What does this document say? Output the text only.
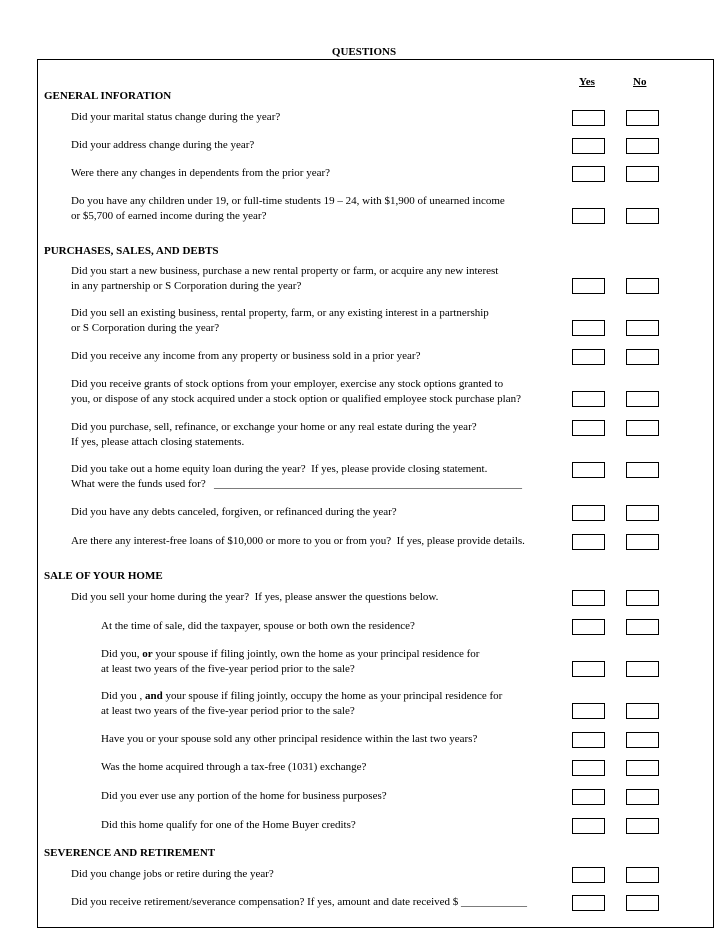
QUESTIONS
Yes	No
GENERAL INFORATION
PURCHASES, SALES, AND DEBTS
SALE OF YOUR HOME
SEVERENCE AND RETIREMENT
Did your marital status change during the year?
Did your address change during the year?
Were there any changes in dependents from the prior year?
Do you have any children under 19, or full-time students 19 – 24, with $1,900 of unearned income
or $5,700 of earned income during the year?
Did you start a new business, purchase a new rental property or farm, or acquire any new interest
in any partnership or S Corporation during the year?
Did you sell an existing business, rental property, farm, or any existing interest in a partnership
or S Corporation during the year?
Did you receive any income from any property or business sold in a prior year?
Did you receive grants of stock options from your employer, exercise any stock options granted to
you, or dispose of any stock acquired under a stock option or qualified employee stock purchase plan?
Did you purchase, sell, refinance, or exchange your home or any real estate during the year?
If yes, please attach closing statements.
Did you take out a home equity loan during the year?  If yes, please provide closing statement.
What were the funds used for?   ________________________________________________________
Did you have any debts canceled, forgiven, or refinanced during the year?
Are there any interest-free loans of $10,000 or more to you or from you?  If yes, please provide details.
Did you sell your home during the year?  If yes, please answer the questions below.
At the time of sale, did the taxpayer, spouse or both own the residence?
Did you, or your spouse if filing jointly, own the home as your principal residence for
at least two years of the five-year period prior to the sale?
Did you , and your spouse if filing jointly, occupy the home as your principal residence for
at least two years of the five-year period prior to the sale?
Have you or your spouse sold any other principal residence within the last two years?
Was the home acquired through a tax-free (1031) exchange?
Did you ever use any portion of the home for business purposes?
Did this home qualify for one of the Home Buyer credits?
Did you change jobs or retire during the year?
Did you receive retirement/severance compensation? If yes, amount and date received $ ____________
